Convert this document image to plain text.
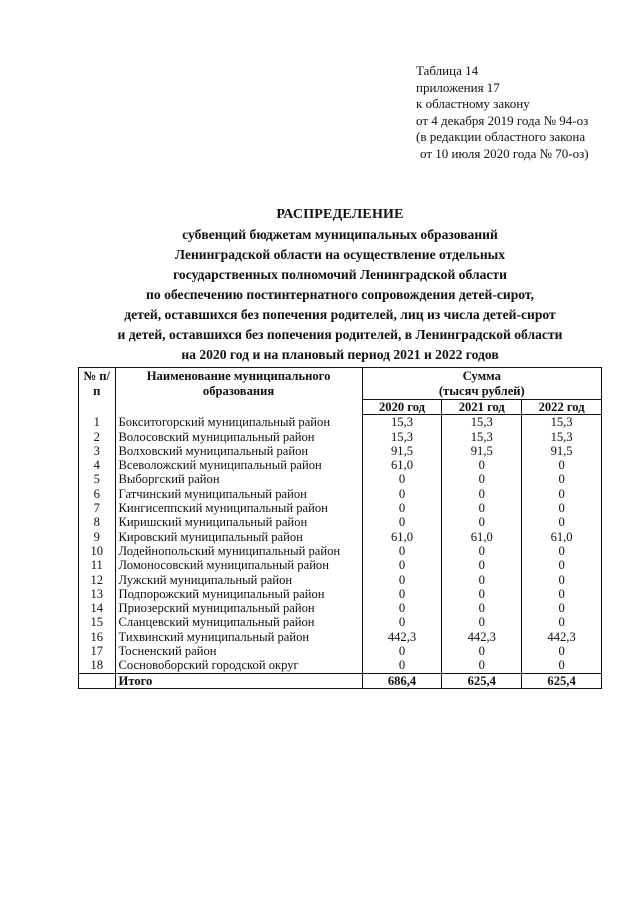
Таблица 14
приложения 17
к областному закону
от 4 декабря 2019 года № 94-оз
(в редакции областного закона
от 10 июля 2020 года № 70-оз)
РАСПРЕДЕЛЕНИЕ
субвенций бюджетам муниципальных образований
Ленинградской области на осуществление отдельных
государственных полномочий Ленинградской области
по обеспечению постинтернатного сопровождения детей-сирот,
детей, оставшихся без попечения родителей, лиц из числа детей-сирот
и детей, оставшихся без попечения родителей, в Ленинградской области
на 2020 год и на плановый период 2021 и 2022 годов
№ п/п	Наименование муниципального образования	Сумма
(тысяч рублей)		

		2020 год	2021 год	2022 год
1	Бокситогорский муниципальный район	15,3	15,3	15,3
2	Волосовский муниципальный район	15,3	15,3	15,3
3	Волховский муниципальный район	91,5	91,5	91,5
4	Всеволожский муниципальный район	61,0	0	0
5	Выборгский район	0	0	0
6	Гатчинский муниципальный район	0	0	0
7	Кингисеппский муниципальный район	0	0	0
8	Киришский муниципальный район	0	0	0
9	Кировский муниципальный район	61,0	61,0	61,0
10	Лодейнопольский муниципальный район	0	0	0
11	Ломоносовский муниципальный район	0	0	0
12	Лужский муниципальный район	0	0	0
13	Подпорожский муниципальный район	0	0	0
14	Приозерский муниципальный район	0	0	0
15	Сланцевский муниципальный район	0	0	0
16	Тихвинский муниципальный район	442,3	442,3	442,3
17	Тосненский район	0	0	0
18	Сосновоборский городской округ	0	0	0
	Итого	686,4	625,4	625,4
